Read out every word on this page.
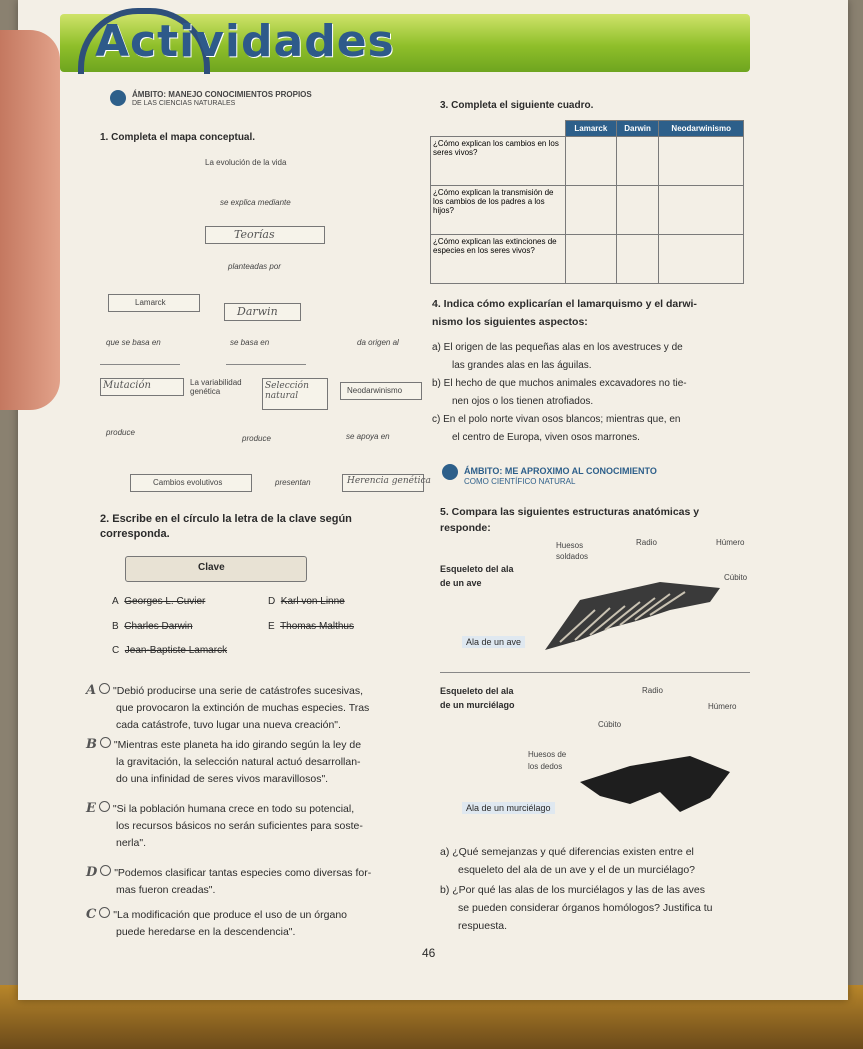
Actividades
ÁMBITO: MANEJO CONOCIMIENTOS PROPIOS
DE LAS CIENCIAS NATURALES
1. Completa el mapa conceptual.
La evolución de la vida
se explica mediante
Teorías
planteadas por
Lamarck
Darwin
que se basa en	se basa en	da origen al
Mutación	La variabilidad genética
Selección natural
Neodarwinismo
produce
produce	se apoya en
Cambios evolutivos	presentan	Herencia genética
2. Escribe en el círculo la letra de la clave según corresponda.
Clave
A Georges L. Cuvier	D Karl von Linne
B Charles Darwin	E Thomas Malthus
C Jean-Baptiste Lamarck
A "Debió producirse una serie de catástrofes sucesivas,
que provocaron la extinción de muchas especies. Tras
cada catástrofe, tuvo lugar una nueva creación".
B "Mientras este planeta ha ido girando según la ley de
la gravitación, la selección natural actuó desarrollan-
do una infinidad de seres vivos maravillosos".
E "Si la población humana crece en todo su potencial,
los recursos básicos no serán suficientes para soste-
nerla".
D "Podemos clasificar tantas especies como diversas for-
mas fueron creadas".
C "La modificación que produce el uso de un órgano
puede heredarse en la descendencia".
3. Completa el siguiente cuadro.
	Lamarck	Darwin	Neodarwinismo
¿Cómo explican los cambios en los seres vivos?			
¿Cómo explican la transmisión de los cambios de los padres a los hijos?			
¿Cómo explican las extinciones de especies en los seres vivos?			
4. Indica cómo explicarían el lamarquismo y el darwi-
nismo los siguientes aspectos:
a) El origen de las pequeñas alas en los avestruces y de
las grandes alas en las águilas.
b) El hecho de que muchos animales excavadores no tie-
nen ojos o los tienen atrofiados.
c) En el polo norte vivan osos blancos; mientras que, en
el centro de Europa, viven osos marrones.
ÁMBITO: ME APROXIMO AL CONOCIMIENTO
COMO CIENTÍFICO NATURAL
5. Compara las siguientes estructuras anatómicas y
responde:
Esqueleto del ala
de un ave
Huesos
soldados
Radio	Húmero
Cúbito
Ala de un ave
Esqueleto del ala
de un murciélago
Radio
Húmero
Cúbito
Huesos de
los dedos
Ala de un murciélago
a) ¿Qué semejanzas y qué diferencias existen entre el
esqueleto del ala de un ave y el de un murciélago?
b) ¿Por qué las alas de los murciélagos y las de las aves
se pueden considerar órganos homólogos? Justifica tu
respuesta.
46
